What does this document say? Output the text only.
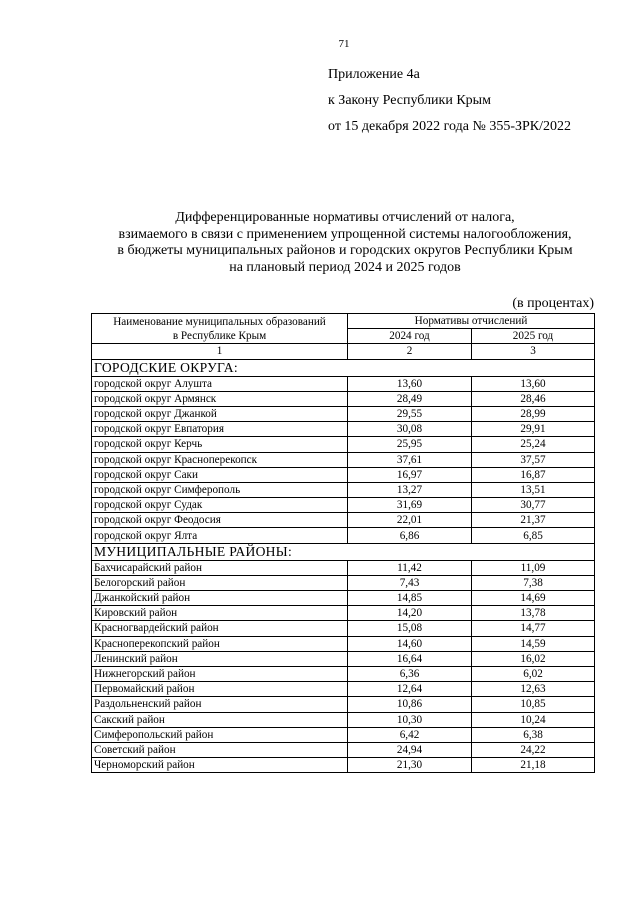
71
Приложение 4а
к Закону Республики Крым
от 15 декабря 2022 года № 355-ЗРК/2022
Дифференцированные нормативы отчислений от налога,
взимаемого в связи с применением упрощенной системы налогообложения,
в бюджеты муниципальных районов и городских округов Республики Крым
на плановый период 2024 и 2025 годов
(в процентах)
Наименование муниципальных образований
в Республике Крым	Нормативы отчислений	
	2024 год	2025 год
1	2	3
ГОРОДСКИЕ ОКРУГА:		
городской округ Алушта	13,60	13,60
городской округ Армянск	28,49	28,46
городской округ Джанкой	29,55	28,99
городской округ Евпатория	30,08	29,91
городской округ Керчь	25,95	25,24
городской округ Красноперекопск	37,61	37,57
городской округ Саки	16,97	16,87
городской округ Симферополь	13,27	13,51
городской округ Судак	31,69	30,77
городской округ Феодосия	22,01	21,37
городской округ Ялта	6,86	6,85
МУНИЦИПАЛЬНЫЕ РАЙОНЫ:		
Бахчисарайский район	11,42	11,09
Белогорский район	7,43	7,38
Джанкойский район	14,85	14,69
Кировский район	14,20	13,78
Красногвардейский район	15,08	14,77
Красноперекопский район	14,60	14,59
Ленинский район	16,64	16,02
Нижнегорский район	6,36	6,02
Первомайский район	12,64	12,63
Раздольненский район	10,86	10,85
Сакский район	10,30	10,24
Симферопольский район	6,42	6,38
Советский район	24,94	24,22
Черноморский район	21,30	21,18
